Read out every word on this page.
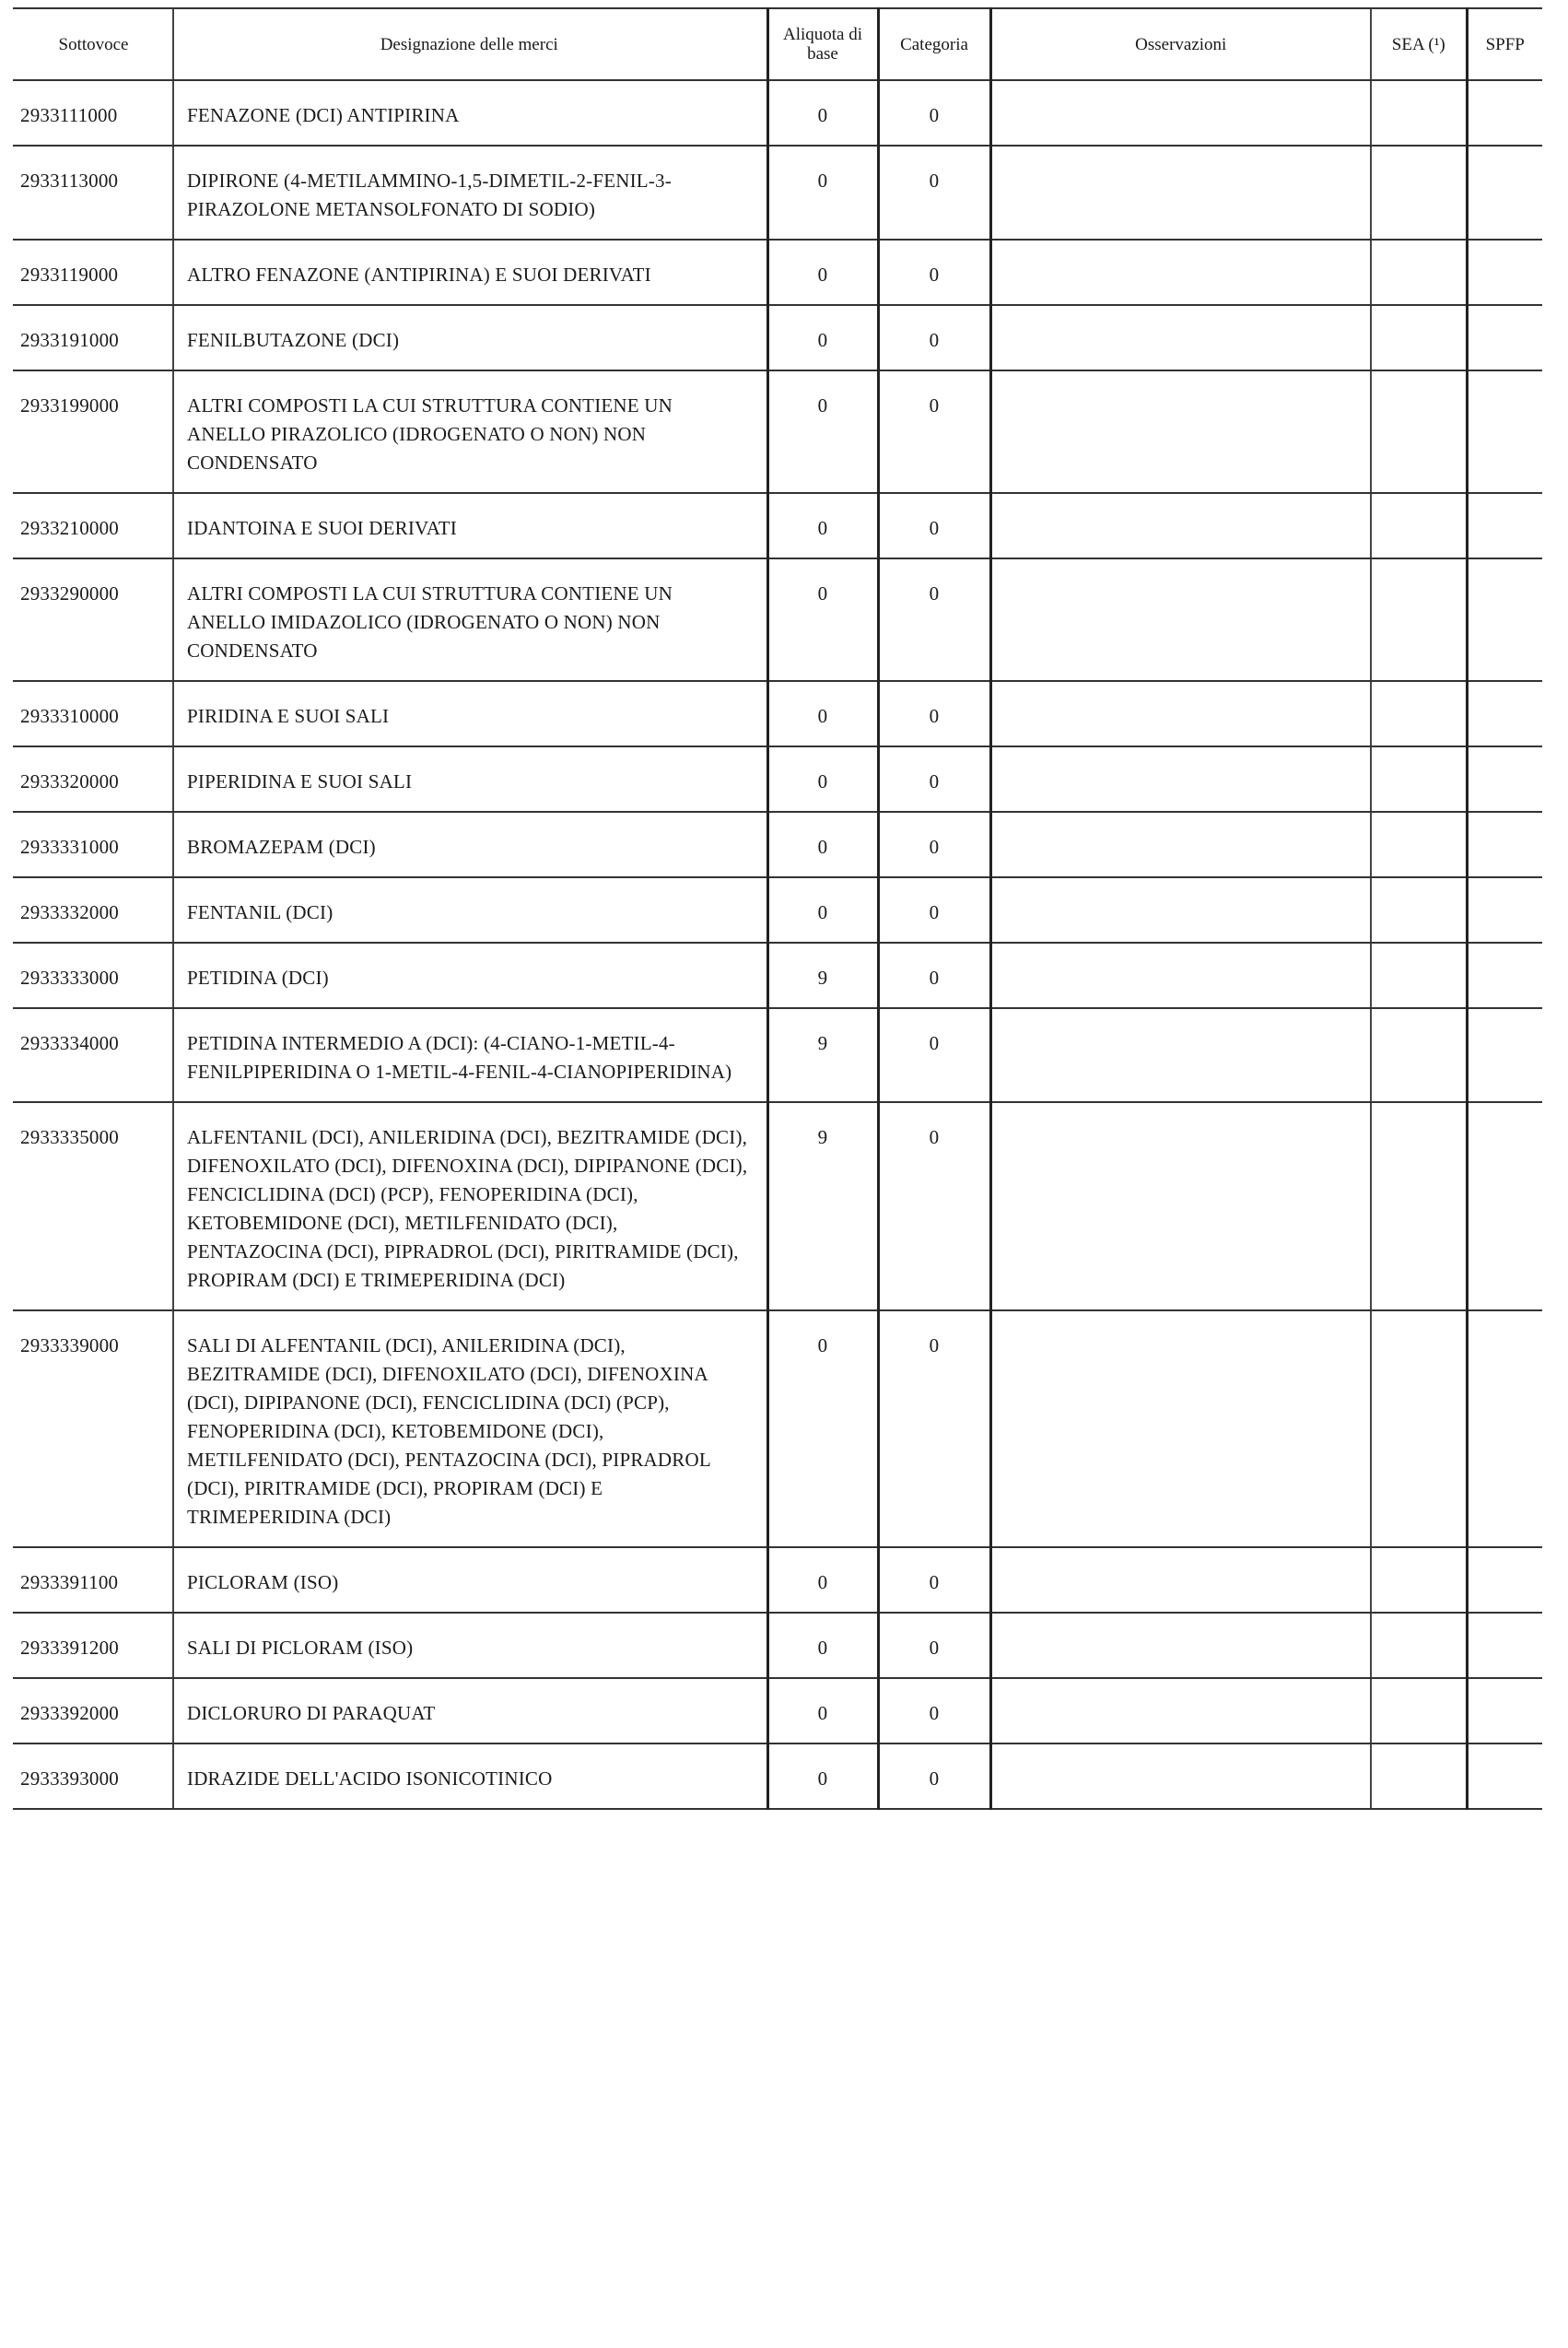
Sottovoce	Designazione delle merci	Aliquota di base	Categoria	Osservazioni	SEA (¹)	SPFP
2933111000	FENAZONE (DCI) ANTIPIRINA	0	0			
2933113000	DIPIRONE (4-METILAMMINO-1,5-DIMETIL-2-FENIL-3-PIRAZOLONE METANSOLFONATO DI SODIO)	0	0			
2933119000	ALTRO FENAZONE (ANTIPIRINA) E SUOI DERIVATI	0	0			
2933191000	FENILBUTAZONE (DCI)	0	0			
2933199000	ALTRI COMPOSTI LA CUI STRUTTURA CONTIENE UN ANELLO PIRAZOLICO (IDROGENATO O NON) NON CONDENSATO	0	0			
2933210000	IDANTOINA E SUOI DERIVATI	0	0			
2933290000	ALTRI COMPOSTI LA CUI STRUTTURA CONTIENE UN ANELLO IMIDAZOLICO (IDROGENATO O NON) NON CONDENSATO	0	0			
2933310000	PIRIDINA E SUOI SALI	0	0			
2933320000	PIPERIDINA E SUOI SALI	0	0			
2933331000	BROMAZEPAM (DCI)	0	0			
2933332000	FENTANIL (DCI)	0	0			
2933333000	PETIDINA (DCI)	9	0			
2933334000	PETIDINA INTERMEDIO A (DCI): (4-CIANO-1-METIL-4-FENILPIPERIDINA O 1-METIL-4-FENIL-4-CIANOPIPERIDINA)	9	0			
2933335000	ALFENTANIL (DCI), ANILERIDINA (DCI), BEZITRAMIDE (DCI), DIFENOXILATO (DCI), DIFENOXINA (DCI), DIPIPANONE (DCI), FENCICLIDINA (DCI) (PCP), FENOPERIDINA (DCI), KETOBEMIDONE (DCI), METILFENIDATO (DCI), PENTAZOCINA (DCI), PIPRADROL (DCI), PIRITRAMIDE (DCI), PROPIRAM (DCI) E TRIMEPERIDINA (DCI)	9	0			
2933339000	SALI DI ALFENTANIL (DCI), ANILERIDINA (DCI), BEZITRAMIDE (DCI), DIFENOXILATO (DCI), DIFENOXINA (DCI), DIPIPANONE (DCI), FENCICLIDINA (DCI) (PCP), FENOPERIDINA (DCI), KETOBEMIDONE (DCI), METILFENIDATO (DCI), PENTAZOCINA (DCI), PIPRADROL (DCI), PIRITRAMIDE (DCI), PROPIRAM (DCI) E TRIMEPERIDINA (DCI)	0	0			
2933391100	PICLORAM (ISO)	0	0			
2933391200	SALI DI PICLORAM (ISO)	0	0			
2933392000	DICLORURO DI PARAQUAT	0	0			
2933393000	IDRAZIDE DELL'ACIDO ISONICOTINICO	0	0			
